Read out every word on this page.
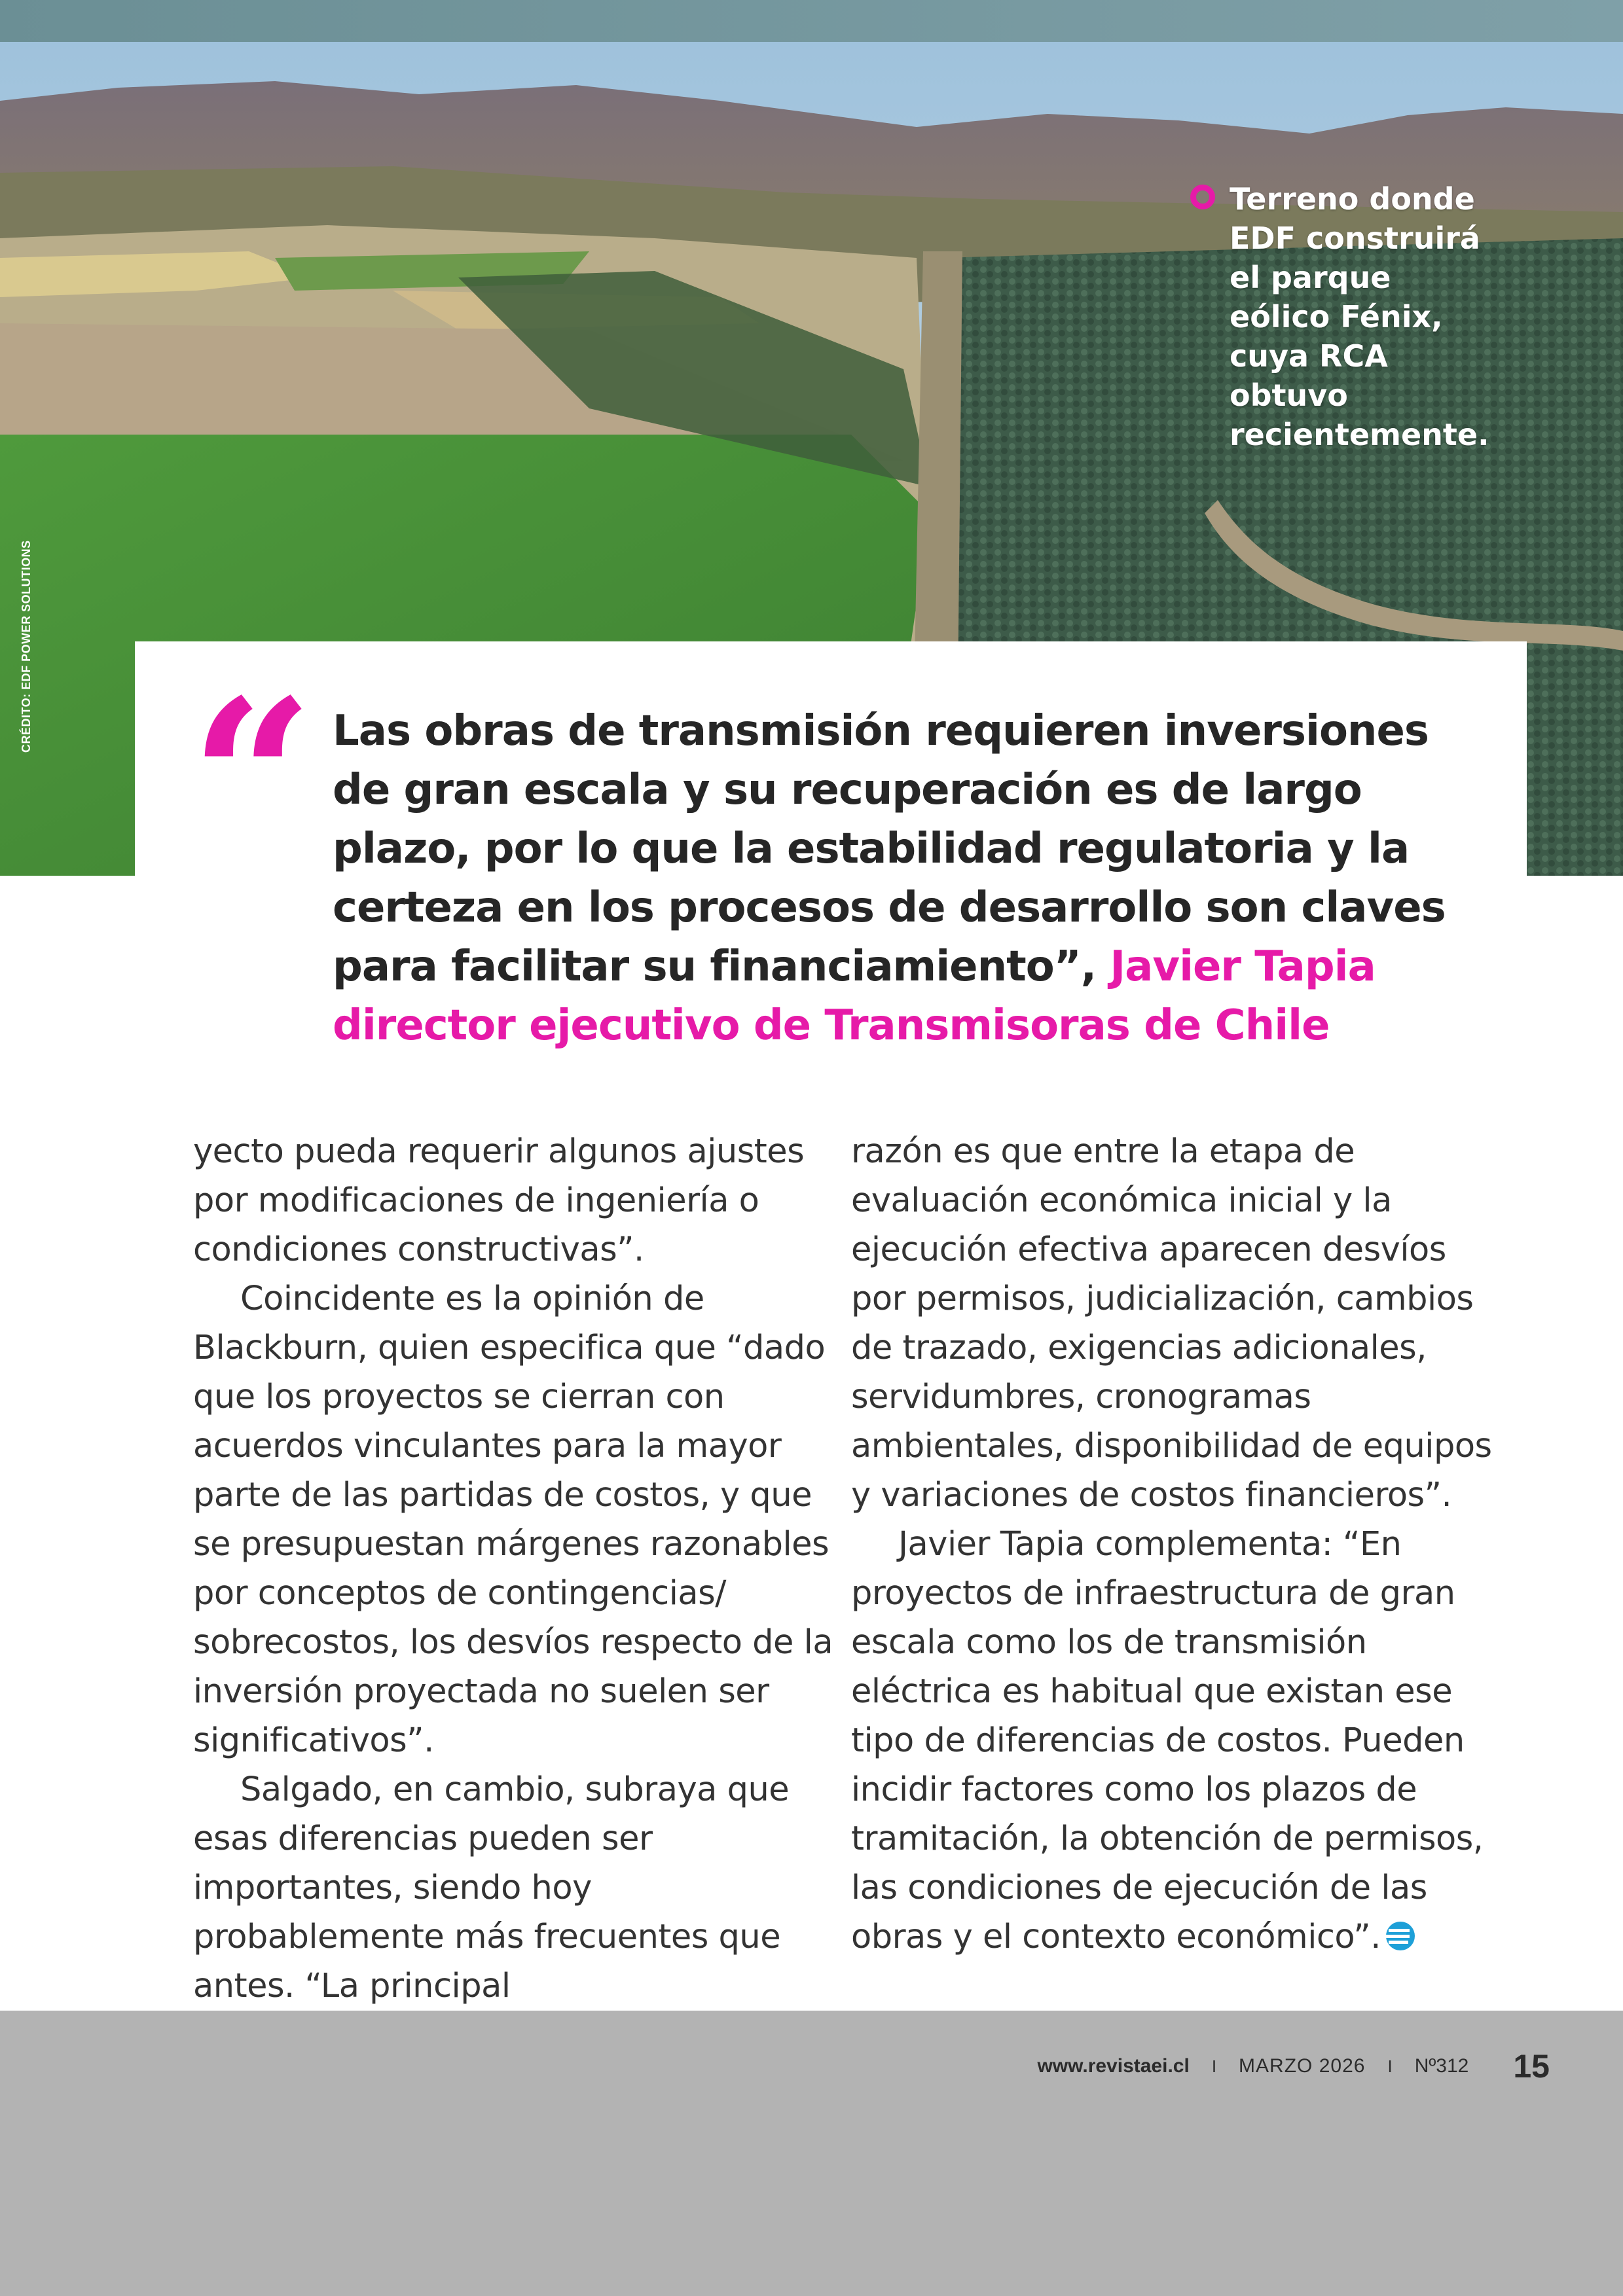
Terreno donde EDF construirá el parque eólico Fénix, cuya RCA obtuvo recientemente.
CRÉDITO: EDF POWER SOLUTIONS
“ Las obras de transmisión requieren inversiones de gran escala y su recuperación es de largo plazo, por lo que la estabilidad regulatoria y la certeza en los procesos de desarrollo son claves para facilitar su financiamiento”, Javier Tapia director ejecutivo de Transmisoras de Chile

yecto pueda requerir algunos ajustes por modificaciones de ingeniería o condiciones constructivas”.

Coincidente es la opinión de Blackburn, quien especifica que “dado que los proyectos se cierran con acuerdos vinculantes para la mayor parte de las partidas de costos, y que se presupuestan márgenes razonables por conceptos de contingencias/ sobrecostos, los desvíos respecto de la inversión proyectada no suelen ser significativos”.

Salgado, en cambio, subraya que esas diferencias pueden ser importantes, siendo hoy probablemente más frecuentes que antes. “La principal

razón es que entre la etapa de evaluación económica inicial y la ejecución efectiva aparecen desvíos por permisos, judicialización, cambios de trazado, exigencias adicionales, servidumbres, cronogramas ambientales, disponibilidad de equipos y variaciones de costos financieros”.

Javier Tapia complementa: “En proyectos de infraestructura de gran escala como los de transmisión eléctrica es habitual que existan ese tipo de diferencias de costos. Pueden incidir factores como los plazos de tramitación, la obtención de permisos, las condiciones de ejecución de las obras y el contexto económico”.

www.revistaei.cl I MARZO 2026 I Nº312 15
